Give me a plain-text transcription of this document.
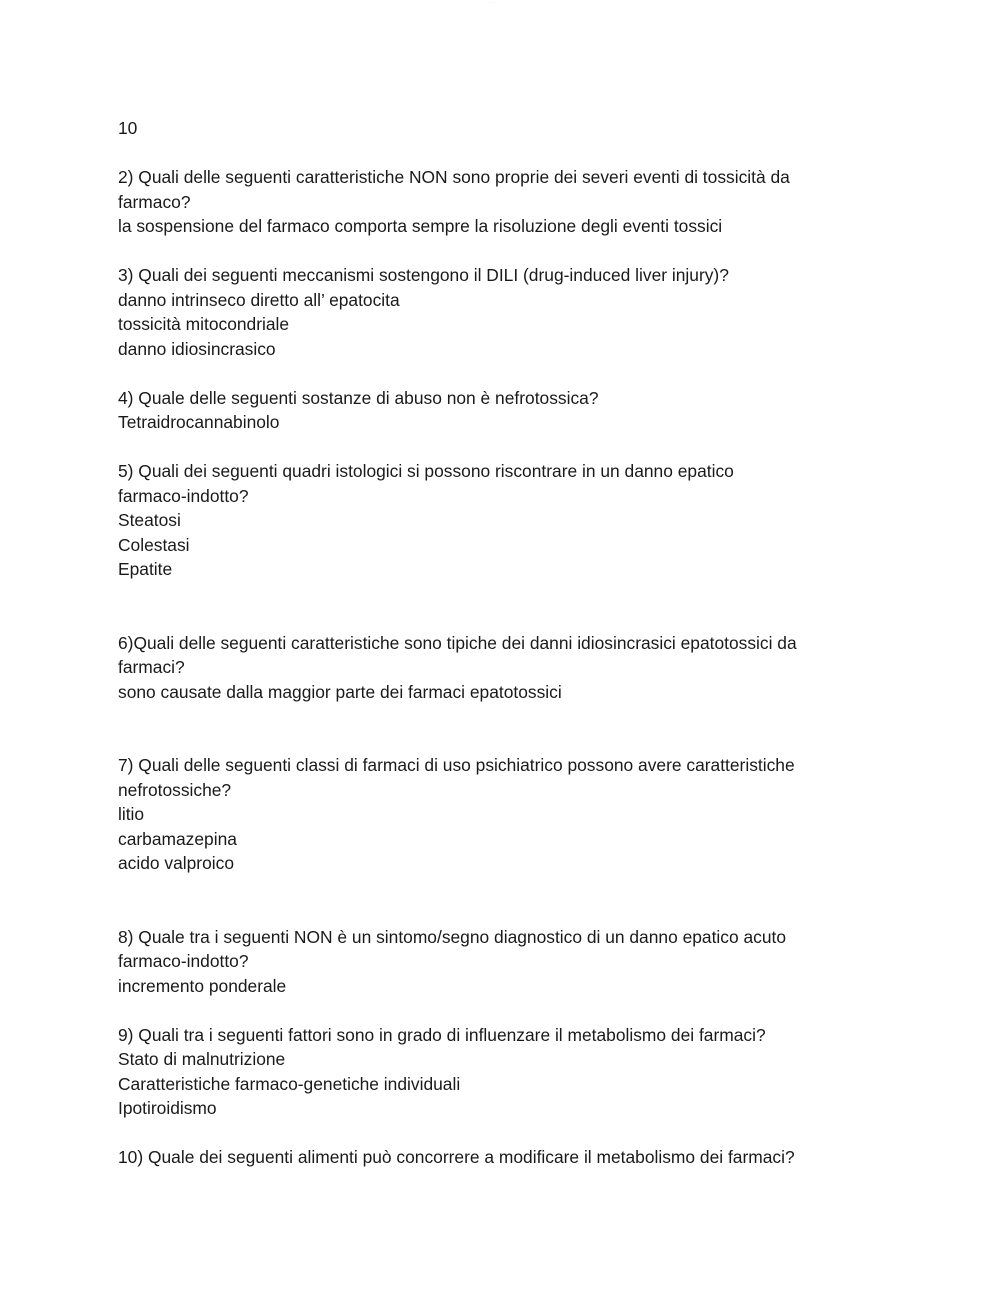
··· ···
10
2) Quali delle seguenti caratteristiche NON sono proprie dei severi eventi di tossicità da
farmaco?
la sospensione del farmaco comporta sempre la risoluzione degli eventi tossici
3) Quali dei seguenti meccanismi sostengono il DILI (drug-induced liver injury)?
danno intrinseco diretto all’ epatocita
tossicità mitocondriale
danno idiosincrasico
4) Quale delle seguenti sostanze di abuso non è nefrotossica?
Tetraidrocannabinolo
5) Quali dei seguenti quadri istologici si possono riscontrare in un danno epatico
farmaco-indotto?
Steatosi
Colestasi
Epatite
6)Quali delle seguenti caratteristiche sono tipiche dei danni idiosincrasici epatotossici da
farmaci?
sono causate dalla maggior parte dei farmaci epatotossici
7) Quali delle seguenti classi di farmaci di uso psichiatrico possono avere caratteristiche
nefrotossiche?
litio
carbamazepina
acido valproico
8) Quale tra i seguenti NON è un sintomo/segno diagnostico di un danno epatico acuto
farmaco-indotto?
incremento ponderale
9) Quali tra i seguenti fattori sono in grado di influenzare il metabolismo dei farmaci?
Stato di malnutrizione
Caratteristiche farmaco-genetiche individuali
Ipotiroidismo
10) Quale dei seguenti alimenti può concorrere a modificare il metabolismo dei farmaci?
